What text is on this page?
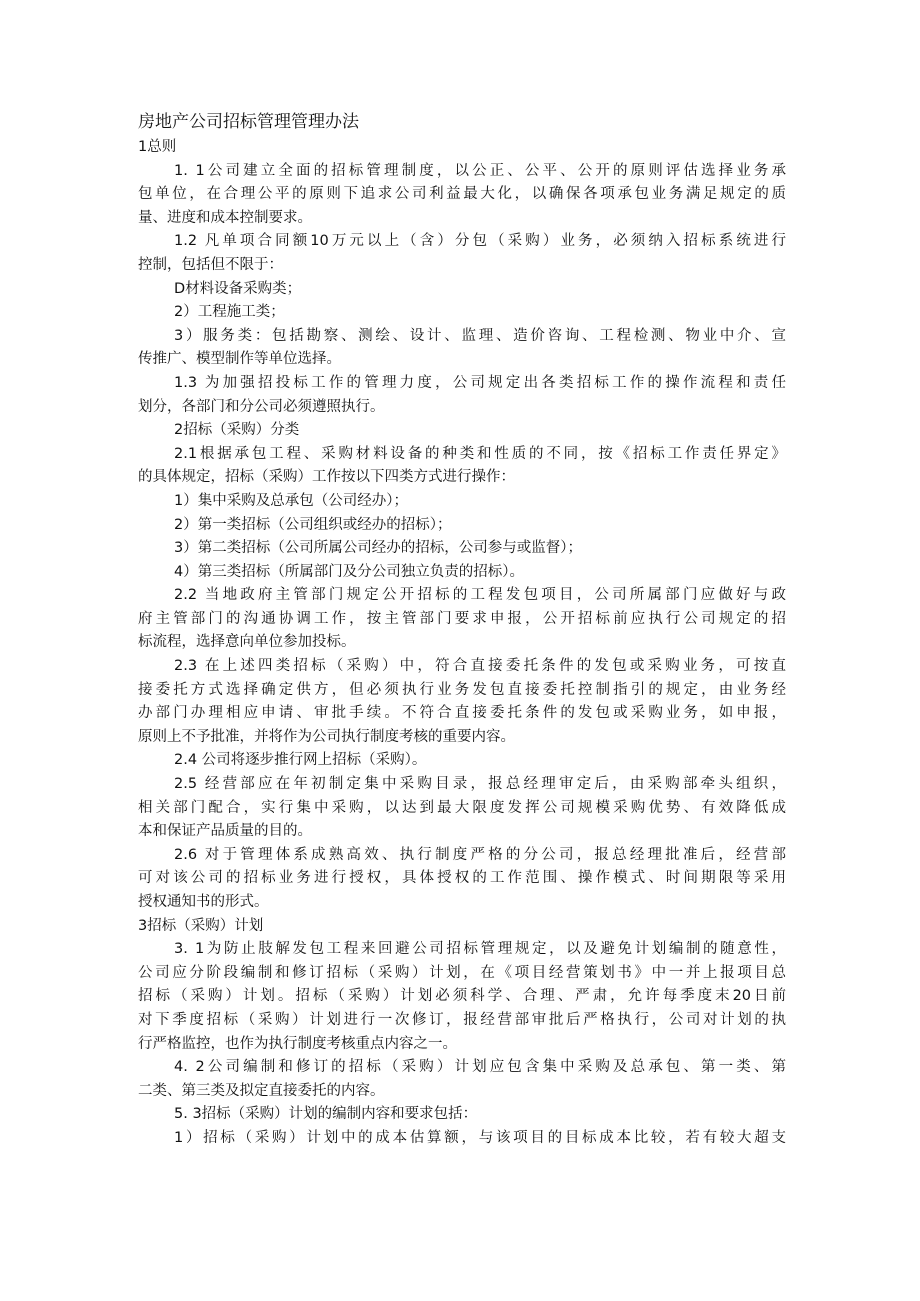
房地产公司招标管理管理办法

1总则

1. 1公司建立全面的招标管理制度，以公正、公平、公开的原则评估选择业务承

包单位，在合理公平的原则下追求公司利益最大化，以确保各项承包业务满足规定的质

量、进度和成本控制要求。

1.2 凡单项合同额10万元以上（含）分包（采购）业务，必须纳入招标系统进行

控制，包括但不限于：

D材料设备采购类；

2）工程施工类；

3）服务类：包括勘察、测绘、设计、监理、造价咨询、工程检测、物业中介、宣

传推广、模型制作等单位选择。

1.3 为加强招投标工作的管理力度，公司规定出各类招标工作的操作流程和责任

划分，各部门和分公司必须遵照执行。

2招标（采购）分类

2.1根据承包工程、采购材料设备的种类和性质的不同，按《招标工作责任界定》

的具体规定，招标（采购）工作按以下四类方式进行操作：

1）集中采购及总承包（公司经办）；

2）第一类招标（公司组织或经办的招标）；

3）第二类招标（公司所属公司经办的招标，公司参与或监督）；

4）第三类招标（所属部门及分公司独立负责的招标）。

2.2 当地政府主管部门规定公开招标的工程发包项目，公司所属部门应做好与政

府主管部门的沟通协调工作，按主管部门要求申报，公开招标前应执行公司规定的招

标流程，选择意向单位参加投标。

2.3 在上述四类招标（采购）中，符合直接委托条件的发包或采购业务，可按直

接委托方式选择确定供方，但必须执行业务发包直接委托控制指引的规定，由业务经

办部门办理相应申请、审批手续。不符合直接委托条件的发包或采购业务，如申报，

原则上不予批准，并将作为公司执行制度考核的重要内容。

2.4 公司将逐步推行网上招标（采购）。

2.5 经营部应在年初制定集中采购目录，报总经理审定后，由采购部牵头组织，

相关部门配合，实行集中采购，以达到最大限度发挥公司规模采购优势、有效降低成

本和保证产品质量的目的。

2.6 对于管理体系成熟高效、执行制度严格的分公司，报总经理批准后，经营部

可对该公司的招标业务进行授权，具体授权的工作范围、操作模式、时间期限等采用

授权通知书的形式。

3招标（采购）计划

3. 1为防止肢解发包工程来回避公司招标管理规定，以及避免计划编制的随意性，

公司应分阶段编制和修订招标（采购）计划，在《项目经营策划书》中一并上报项目总

招标（采购）计划。招标（采购）计划必须科学、合理、严肃，允许每季度末20日前

对下季度招标（采购）计划进行一次修订，报经营部审批后严格执行，公司对计划的执

行严格监控，也作为执行制度考核重点内容之一。

4. 2公司编制和修订的招标（采购）计划应包含集中采购及总承包、第一类、第

二类、第三类及拟定直接委托的内容。

5. 3招标（采购）计划的编制内容和要求包括：

1）招标（采购）计划中的成本估算额，与该项目的目标成本比较，若有较大超支
